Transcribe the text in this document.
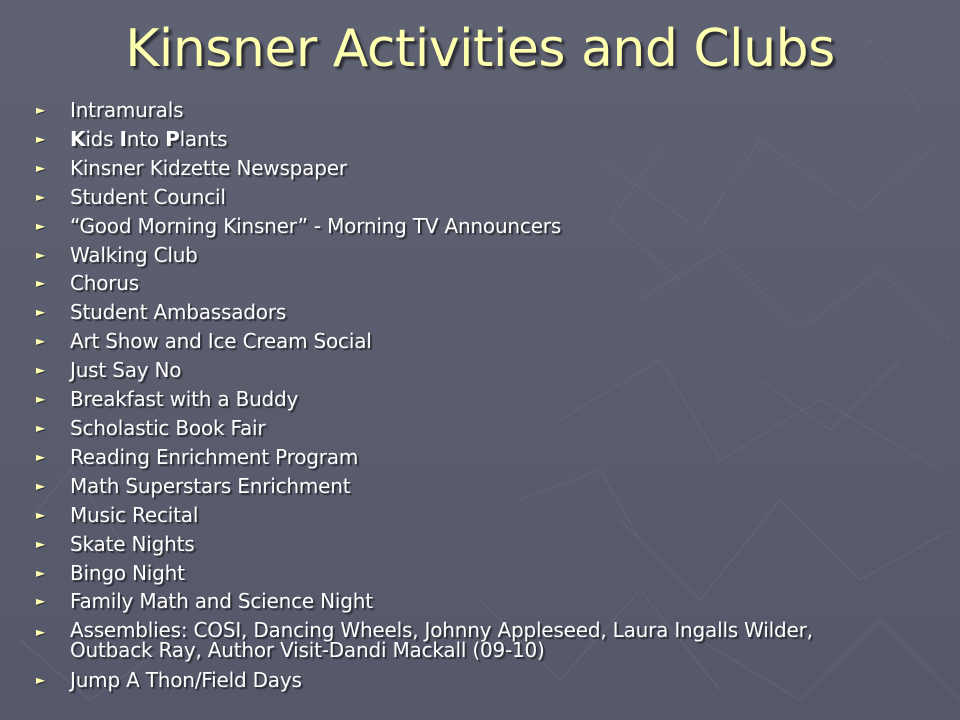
Kinsner Activities and Clubs
► Intramurals
► Kids Into Plants
► Kinsner Kidzette Newspaper
► Student Council
► “Good Morning Kinsner” - Morning TV Announcers
► Walking Club
► Chorus
► Student Ambassadors
► Art Show and Ice Cream Social
► Just Say No
► Breakfast with a Buddy
► Scholastic Book Fair
► Reading Enrichment Program
► Math Superstars Enrichment
► Music Recital
► Skate Nights
► Bingo Night
► Family Math and Science Night
► Assemblies: COSI, Dancing Wheels, Johnny Appleseed, Laura Ingalls Wilder,
Outback Ray, Author Visit-Dandi Mackall (09-10)
► Jump A Thon/Field Days
